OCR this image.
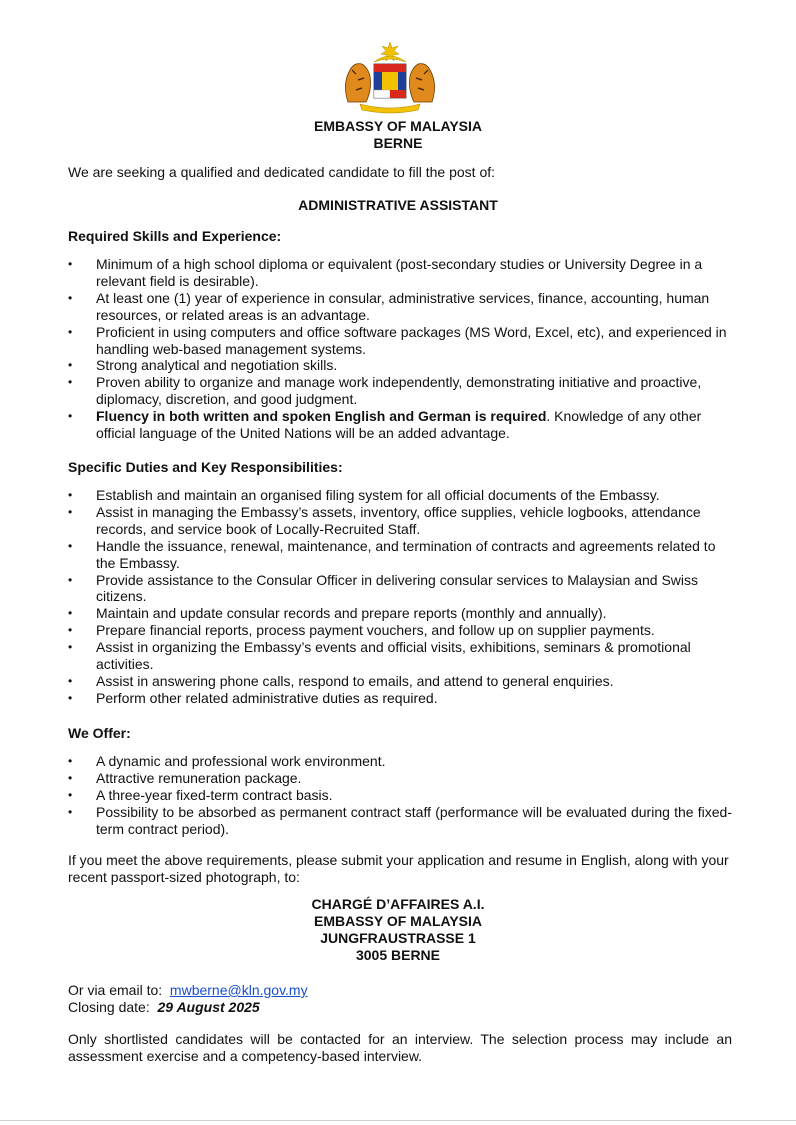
EMBASSY OF MALAYSIA
BERNE
We are seeking a qualified and dedicated candidate to fill the post of:
ADMINISTRATIVE ASSISTANT
Required Skills and Experience:
• Minimum of a high school diploma or equivalent (post-secondary studies or University Degree in a relevant field is desirable).
• At least one (1) year of experience in consular, administrative services, finance, accounting, human resources, or related areas is an advantage.
• Proficient in using computers and office software packages (MS Word, Excel, etc), and experienced in handling web-based management systems.
• Strong analytical and negotiation skills.
• Proven ability to organize and manage work independently, demonstrating initiative and proactive, diplomacy, discretion, and good judgment.
• Fluency in both written and spoken English and German is required. Knowledge of any other official language of the United Nations will be an added advantage.
Specific Duties and Key Responsibilities:
• Establish and maintain an organised filing system for all official documents of the Embassy.
• Assist in managing the Embassy’s assets, inventory, office supplies, vehicle logbooks, attendance records, and service book of Locally-Recruited Staff.
• Handle the issuance, renewal, maintenance, and termination of contracts and agreements related to the Embassy.
• Provide assistance to the Consular Officer in delivering consular services to Malaysian and Swiss citizens.
• Maintain and update consular records and prepare reports (monthly and annually).
• Prepare financial reports, process payment vouchers, and follow up on supplier payments.
• Assist in organizing the Embassy’s events and official visits, exhibitions, seminars & promotional activities.
• Assist in answering phone calls, respond to emails, and attend to general enquiries.
• Perform other related administrative duties as required.
We Offer:
• A dynamic and professional work environment.
• Attractive remuneration package.
• A three-year fixed-term contract basis.
• Possibility to be absorbed as permanent contract staff (performance will be evaluated during the fixed-term contract period).
If you meet the above requirements, please submit your application and resume in English, along with your recent passport-sized photograph, to:
CHARGÉ D’AFFAIRES A.I.
EMBASSY OF MALAYSIA
JUNGFRAUSTRASSE 1
3005 BERNE
Or via email to: mwberne@kln.gov.my
Closing date: 29 August 2025
Only shortlisted candidates will be contacted for an interview. The selection process may include an assessment exercise and a competency-based interview.
